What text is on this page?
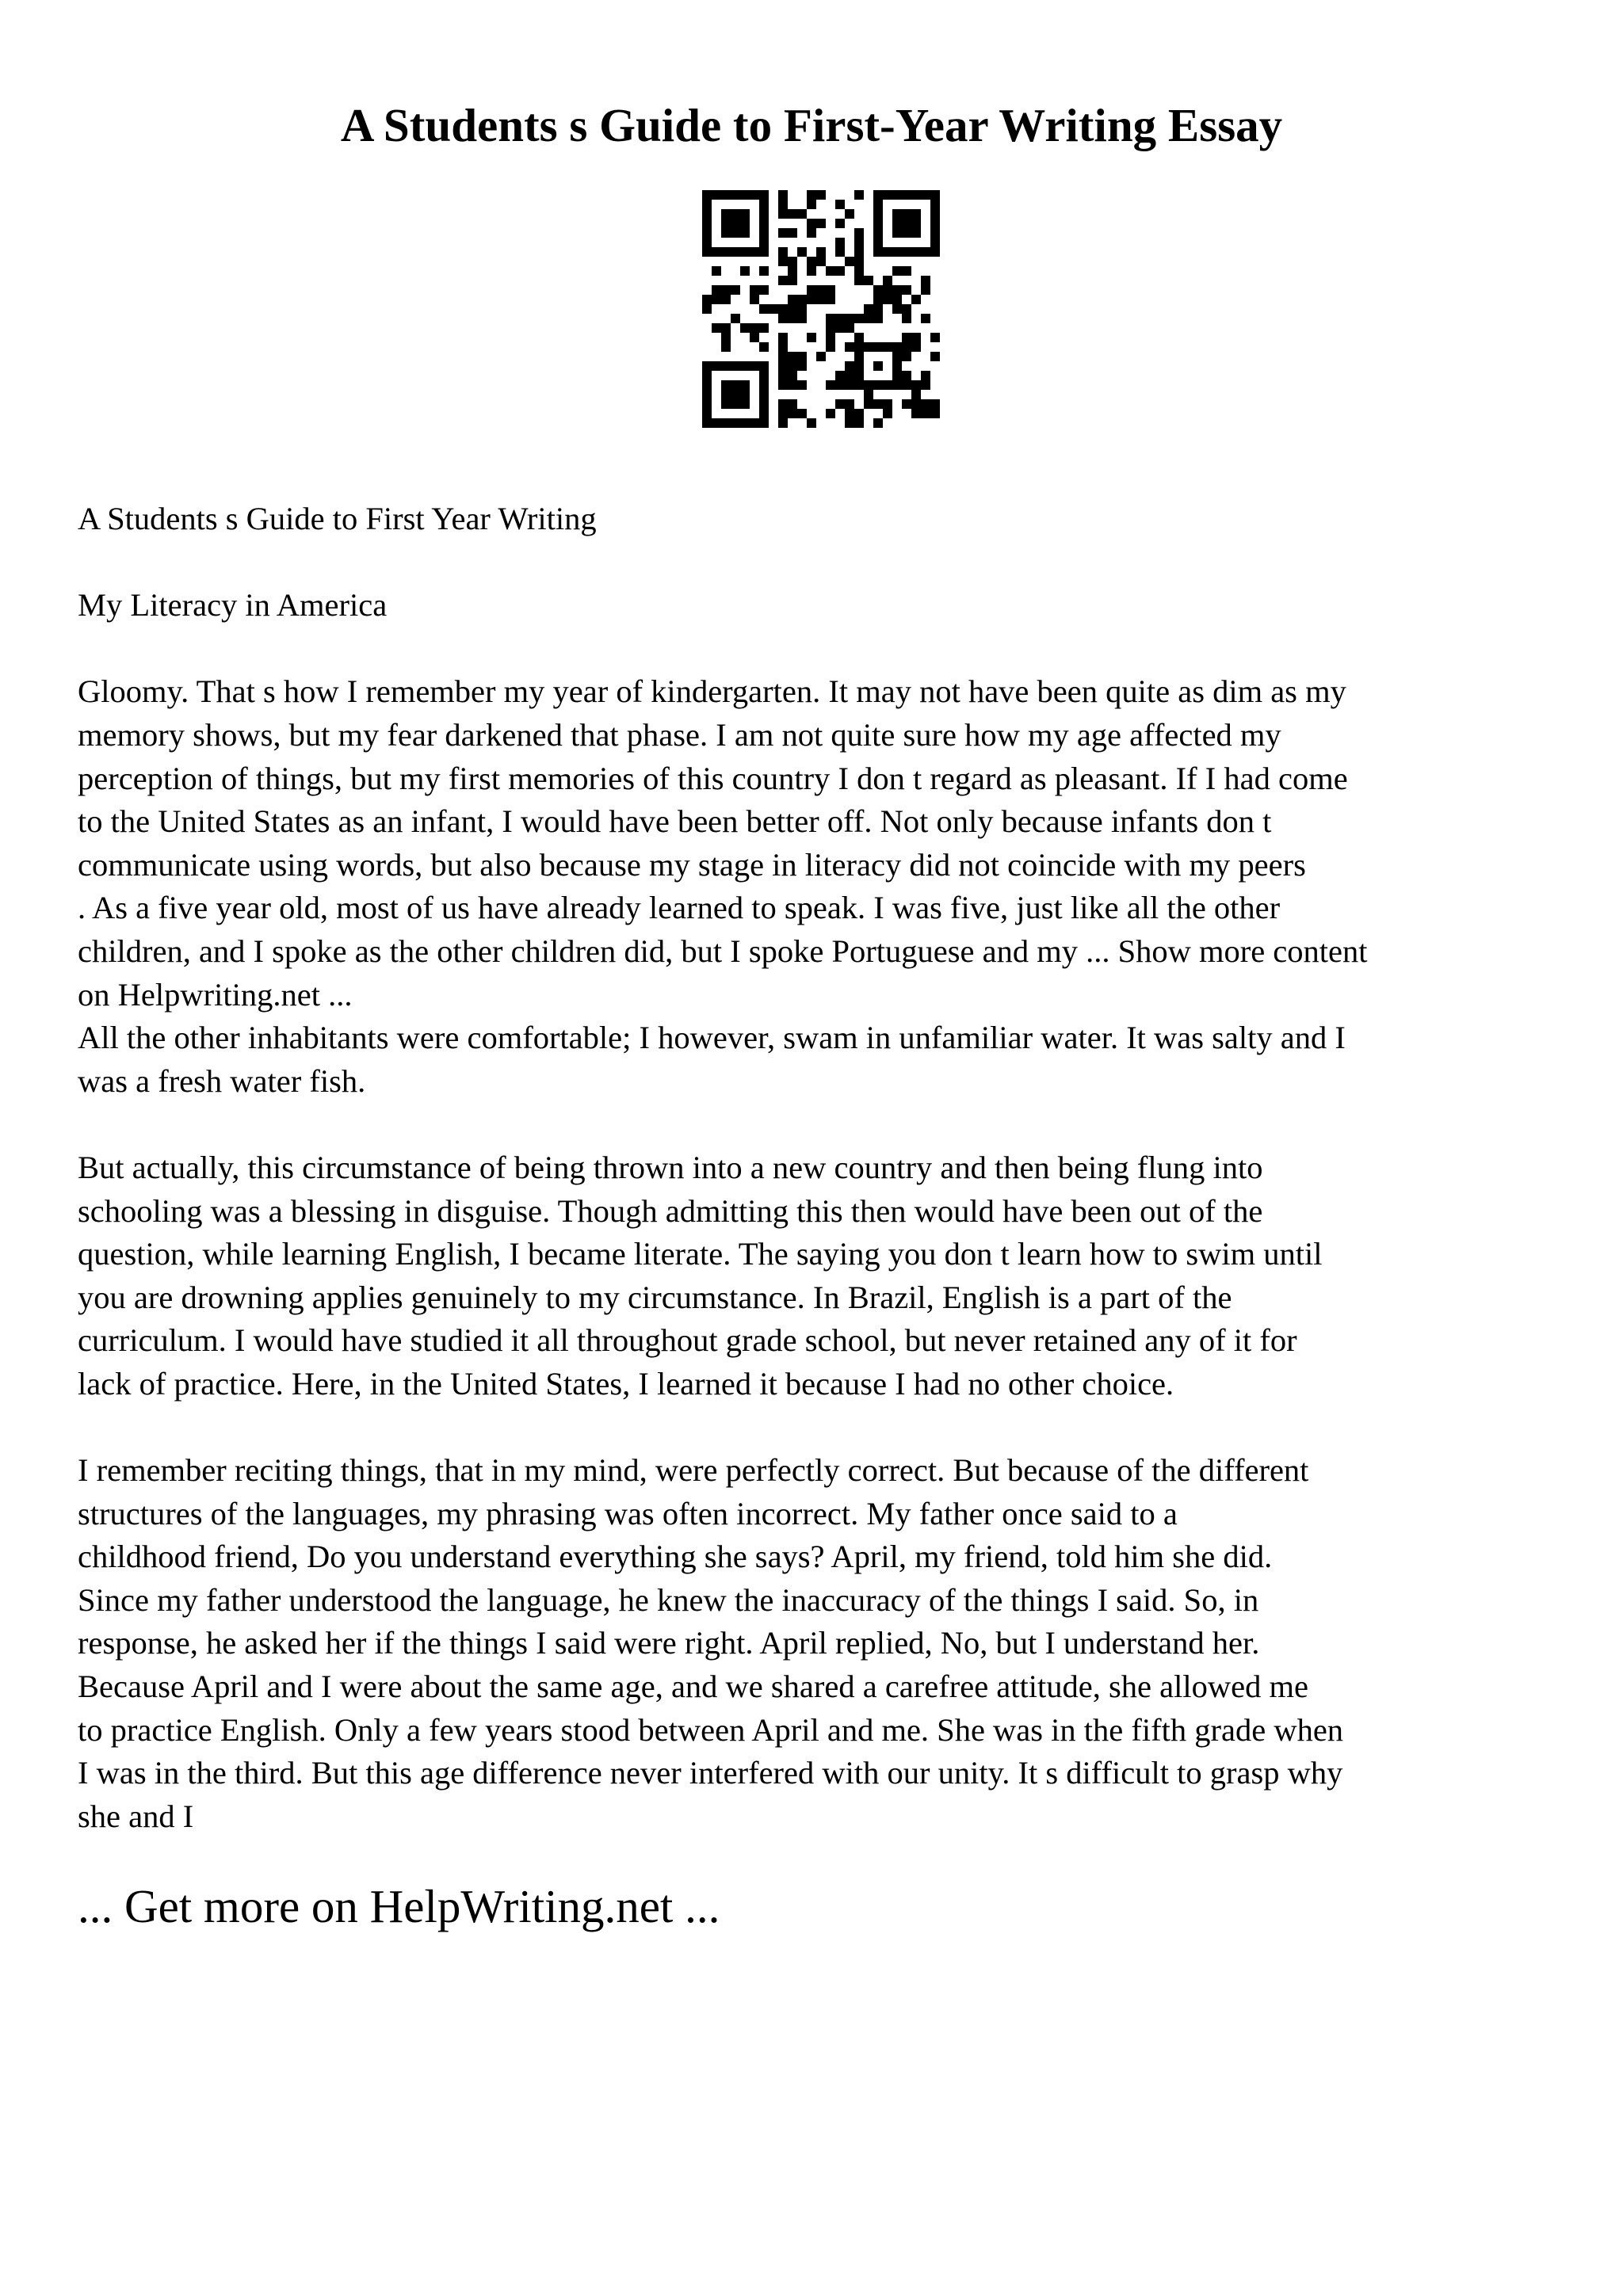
A Students s Guide to First-Year Writing Essay

A Students s Guide to First Year Writing

My Literacy in America

Gloomy. That s how I remember my year of kindergarten. It may not have been quite as dim as my
memory shows, but my fear darkened that phase. I am not quite sure how my age affected my
perception of things, but my first memories of this country I don t regard as pleasant. If I had come
to the United States as an infant, I would have been better off. Not only because infants don t
communicate using words, but also because my stage in literacy did not coincide with my peers
. As a five year old, most of us have already learned to speak. I was five, just like all the other
children, and I spoke as the other children did, but I spoke Portuguese and my ... Show more content
on Helpwriting.net ...

All the other inhabitants were comfortable; I however, swam in unfamiliar water. It was salty and I
was a fresh water fish.

But actually, this circumstance of being thrown into a new country and then being flung into
schooling was a blessing in disguise. Though admitting this then would have been out of the
question, while learning English, I became literate. The saying you don t learn how to swim until
you are drowning applies genuinely to my circumstance. In Brazil, English is a part of the
curriculum. I would have studied it all throughout grade school, but never retained any of it for
lack of practice. Here, in the United States, I learned it because I had no other choice.

I remember reciting things, that in my mind, were perfectly correct. But because of the different
structures of the languages, my phrasing was often incorrect. My father once said to a
childhood friend, Do you understand everything she says? April, my friend, told him she did.
Since my father understood the language, he knew the inaccuracy of the things I said. So, in
response, he asked her if the things I said were right. April replied, No, but I understand her.
Because April and I were about the same age, and we shared a carefree attitude, she allowed me
to practice English. Only a few years stood between April and me. She was in the fifth grade when
I was in the third. But this age difference never interfered with our unity. It s difficult to grasp why
she and I

... Get more on HelpWriting.net ...
